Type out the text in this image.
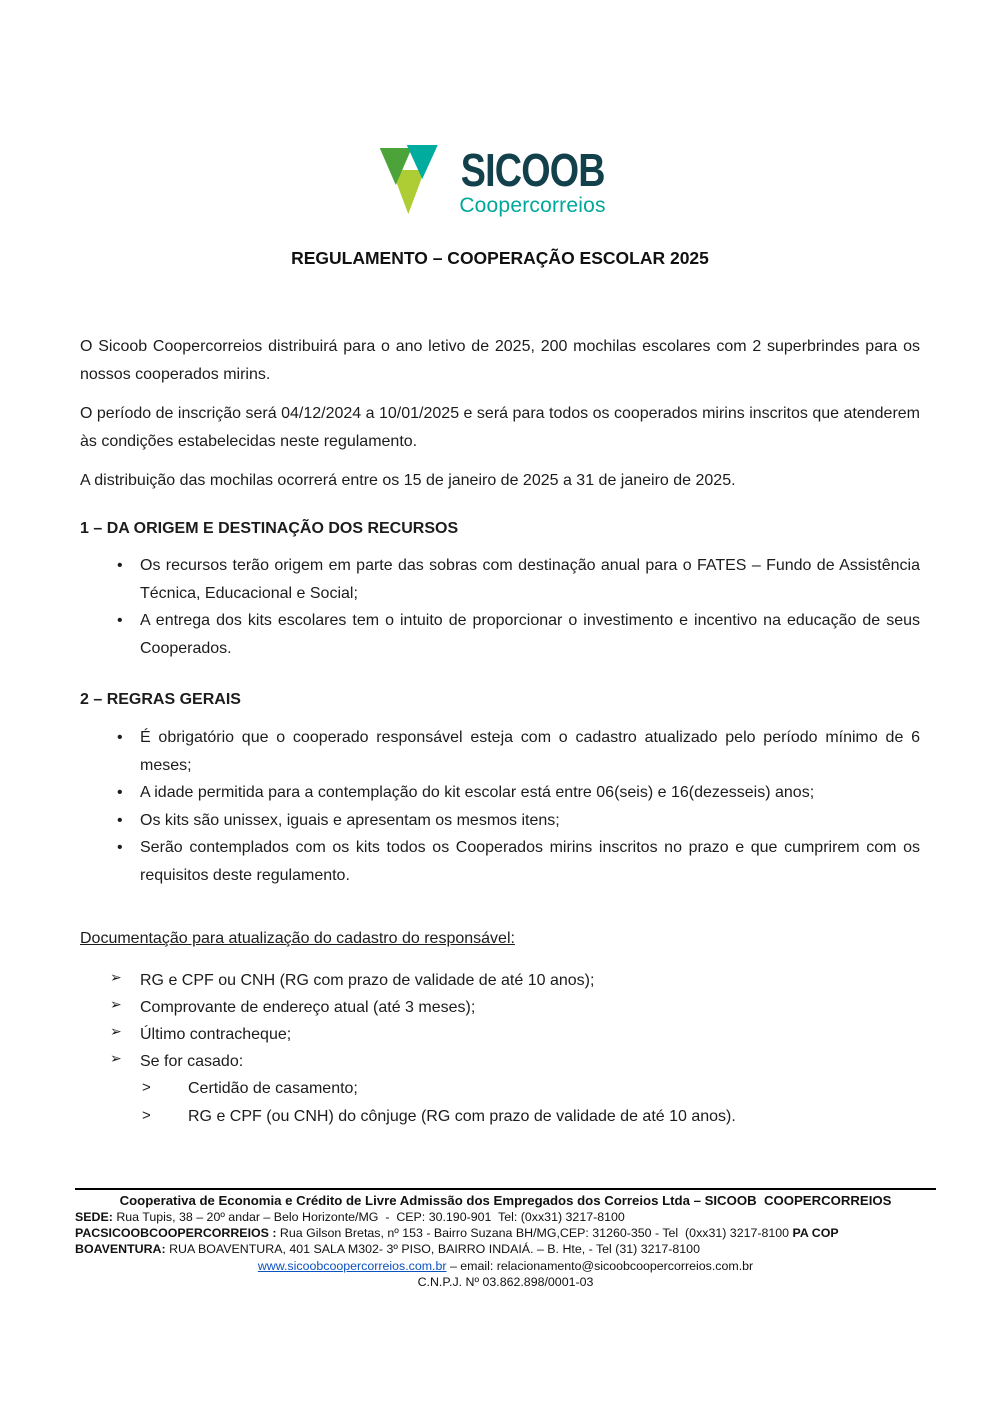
SICOOB
Coopercorreios
REGULAMENTO – COOPERAÇÃO ESCOLAR 2025

O Sicoob Coopercorreios distribuirá para o ano letivo de 2025, 200 mochilas escolares com 2 superbrindes para os nossos cooperados mirins.

O período de inscrição será 04/12/2024 a 10/01/2025 e será para todos os cooperados mirins inscritos que atenderem às condições estabelecidas neste regulamento.

A distribuição das mochilas ocorrerá entre os 15 de janeiro de 2025 a 31 de janeiro de 2025.

1 – DA ORIGEM E DESTINAÇÃO DOS RECURSOS
• Os recursos terão origem em parte das sobras com destinação anual para o FATES – Fundo de Assistência Técnica, Educacional e Social;
• A entrega dos kits escolares tem o intuito de proporcionar o investimento e incentivo na educação de seus Cooperados.
2 – REGRAS GERAIS
• É obrigatório que o cooperado responsável esteja com o cadastro atualizado pelo período mínimo de 6 meses;
• A idade permitida para a contemplação do kit escolar está entre 06(seis) e 16(dezesseis) anos;
• Os kits são unissex, iguais e apresentam os mesmos itens;
• Serão contemplados com os kits todos os Cooperados mirins inscritos no prazo e que cumprirem com os requisitos deste regulamento.
Documentação para atualização do cadastro do responsável:
➢ RG e CPF ou CNH (RG com prazo de validade de até 10 anos);
➢ Comprovante de endereço atual (até 3 meses);
➢ Último contracheque;
➢ Se for casado:
> Certidão de casamento;
> RG e CPF (ou CNH) do cônjuge (RG com prazo de validade de até 10 anos).
Cooperativa de Economia e Crédito de Livre Admissão dos Empregados dos Correios Ltda – SICOOB  COOPERCORREIOS
SEDE: Rua Tupis, 38 – 20º andar – Belo Horizonte/MG  -  CEP: 30.190-901  Tel: (0xx31) 3217-8100
PACSICOOBCOOPERCORREIOS : Rua Gilson Bretas, nº 153 - Bairro Suzana BH/MG,CEP: 31260-350 - Tel  (0xx31) 3217-8100 PA COP
BOAVENTURA: RUA BOAVENTURA, 401 SALA M302- 3º PISO, BAIRRO INDAIÁ. – B. Hte, - Tel (31) 3217-8100
www.sicoobcoopercorreios.com.br – email: relacionamento@sicoobcoopercorreios.com.br
C.N.P.J. Nº 03.862.898/0001-03
